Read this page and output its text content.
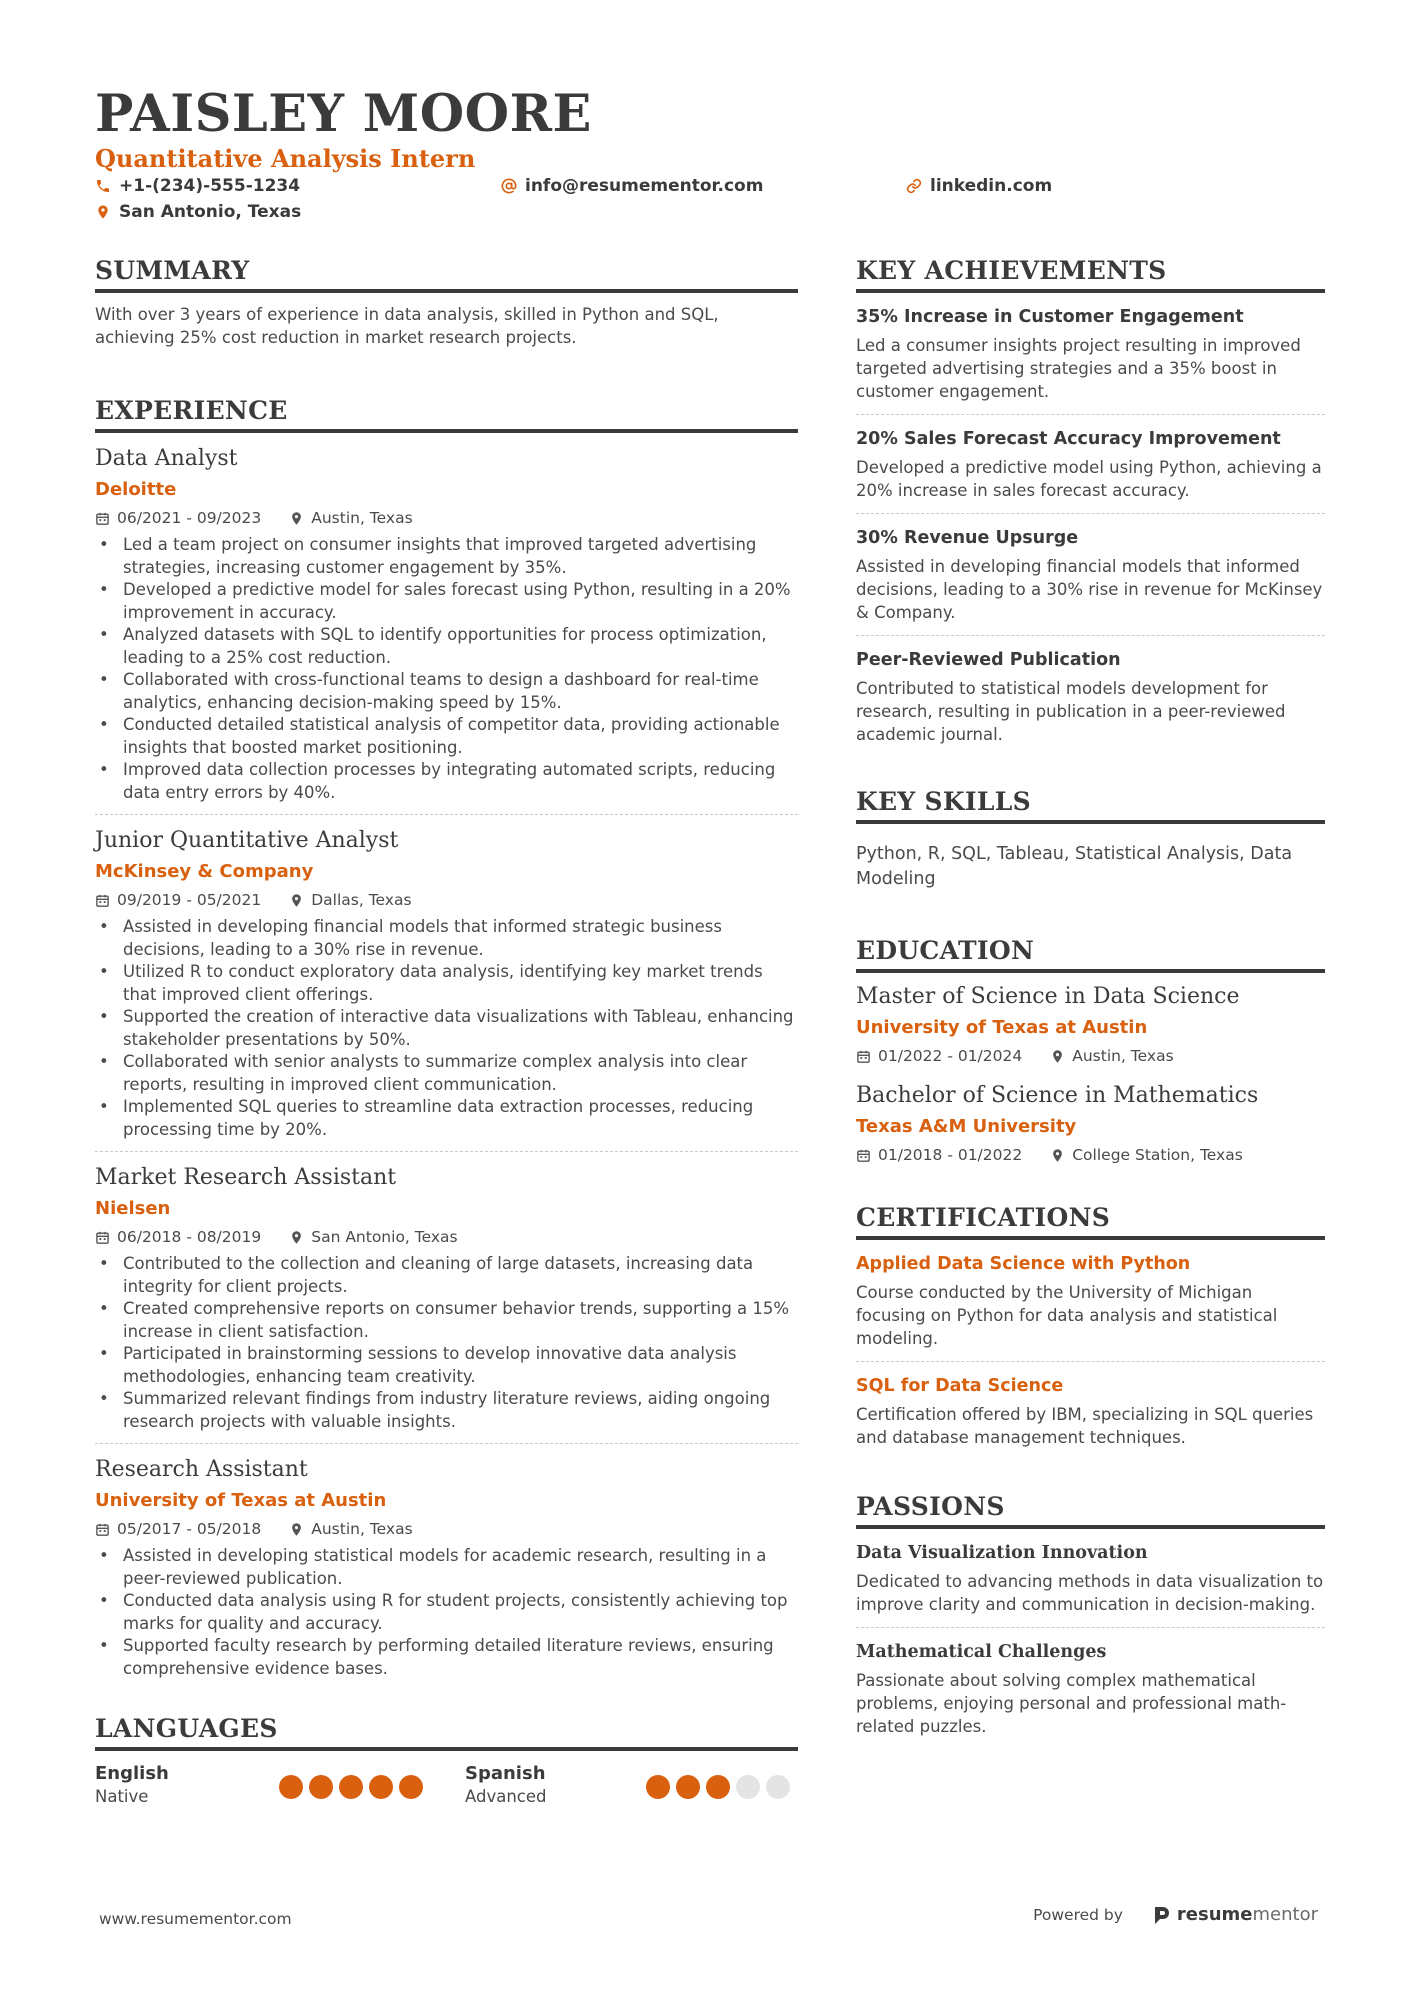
PAISLEY MOORE
Quantitative Analysis Intern
+1-(234)-555-1234	info@resumementor.com	linkedin.com
San Antonio, Texas
SUMMARY
With over 3 years of experience in data analysis, skilled in Python and SQL, achieving 25% cost reduction in market research projects.
EXPERIENCE
Data Analyst
Deloitte
06/2021 - 09/2023	Austin, Texas
• Led a team project on consumer insights that improved targeted advertising strategies, increasing customer engagement by 35%.
• Developed a predictive model for sales forecast using Python, resulting in a 20% improvement in accuracy.
• Analyzed datasets with SQL to identify opportunities for process optimization, leading to a 25% cost reduction.
• Collaborated with cross-functional teams to design a dashboard for real-time analytics, enhancing decision-making speed by 15%.
• Conducted detailed statistical analysis of competitor data, providing actionable insights that boosted market positioning.
• Improved data collection processes by integrating automated scripts, reducing data entry errors by 40%.
Junior Quantitative Analyst
McKinsey & Company
09/2019 - 05/2021	Dallas, Texas
• Assisted in developing financial models that informed strategic business decisions, leading to a 30% rise in revenue.
• Utilized R to conduct exploratory data analysis, identifying key market trends that improved client offerings.
• Supported the creation of interactive data visualizations with Tableau, enhancing stakeholder presentations by 50%.
• Collaborated with senior analysts to summarize complex analysis into clear reports, resulting in improved client communication.
• Implemented SQL queries to streamline data extraction processes, reducing processing time by 20%.
Market Research Assistant
Nielsen
06/2018 - 08/2019	San Antonio, Texas
• Contributed to the collection and cleaning of large datasets, increasing data integrity for client projects.
• Created comprehensive reports on consumer behavior trends, supporting a 15% increase in client satisfaction.
• Participated in brainstorming sessions to develop innovative data analysis methodologies, enhancing team creativity.
• Summarized relevant findings from industry literature reviews, aiding ongoing research projects with valuable insights.
Research Assistant
University of Texas at Austin
05/2017 - 05/2018	Austin, Texas
• Assisted in developing statistical models for academic research, resulting in a peer-reviewed publication.
• Conducted data analysis using R for student projects, consistently achieving top marks for quality and accuracy.
• Supported faculty research by performing detailed literature reviews, ensuring comprehensive evidence bases.
LANGUAGES
English
Native
Spanish
Advanced
KEY ACHIEVEMENTS
35% Increase in Customer Engagement
Led a consumer insights project resulting in improved targeted advertising strategies and a 35% boost in customer engagement.
20% Sales Forecast Accuracy Improvement
Developed a predictive model using Python, achieving a 20% increase in sales forecast accuracy.
30% Revenue Upsurge
Assisted in developing financial models that informed decisions, leading to a 30% rise in revenue for McKinsey & Company.
Peer-Reviewed Publication
Contributed to statistical models development for research, resulting in publication in a peer-reviewed academic journal.
KEY SKILLS
Python, R, SQL, Tableau, Statistical Analysis, Data Modeling
EDUCATION
Master of Science in Data Science
University of Texas at Austin
01/2022 - 01/2024	Austin, Texas
Bachelor of Science in Mathematics
Texas A&M University
01/2018 - 01/2022	College Station, Texas
CERTIFICATIONS
Applied Data Science with Python
Course conducted by the University of Michigan focusing on Python for data analysis and statistical modeling.
SQL for Data Science
Certification offered by IBM, specializing in SQL queries and database management techniques.
PASSIONS
Data Visualization Innovation
Dedicated to advancing methods in data visualization to improve clarity and communication in decision-making.
Mathematical Challenges
Passionate about solving complex mathematical problems, enjoying personal and professional math-related puzzles.
www.resumementor.com	Powered by	resumementor
